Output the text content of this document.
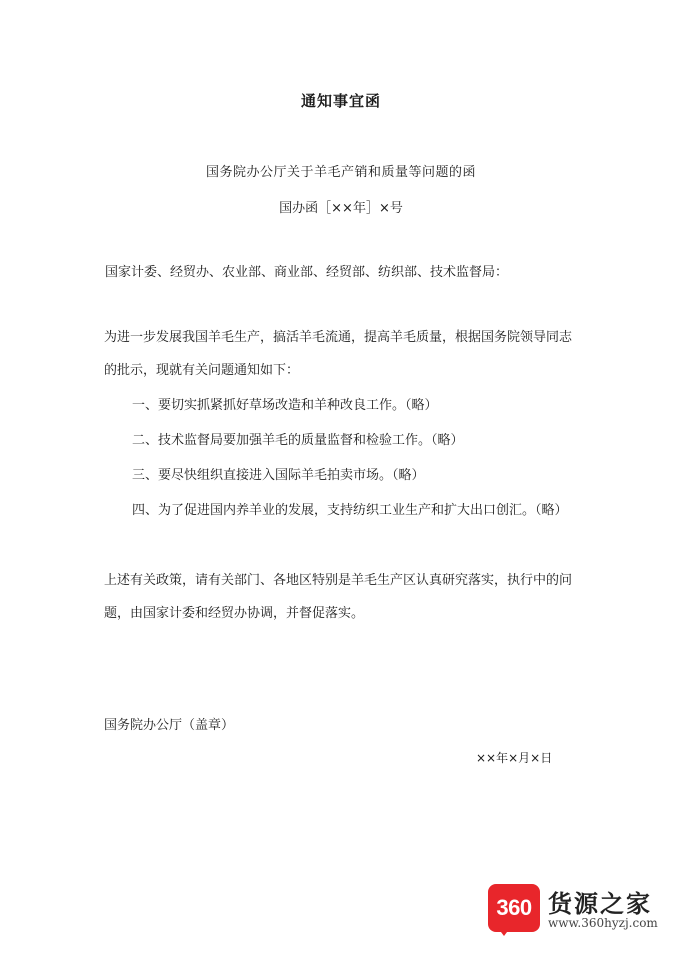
通知事宜函
国务院办公厅关于羊毛产销和质量等问题的函
国办函［××年］×号
国家计委、经贸办、农业部、商业部、经贸部、纺织部、技术监督局：
为进一步发展我国羊毛生产，搞活羊毛流通，提高羊毛质量，根据国务院领导同志的批示，现就有关问题通知如下：
一、要切实抓紧抓好草场改造和羊种改良工作。（略）
二、技术监督局要加强羊毛的质量监督和检验工作。（略）
三、要尽快组织直接进入国际羊毛拍卖市场。（略）
四、为了促进国内养羊业的发展，支持纺织工业生产和扩大出口创汇。（略）
上述有关政策，请有关部门、各地区特别是羊毛生产区认真研究落实，执行中的问题，由国家计委和经贸办协调，并督促落实。
国务院办公厅（盖章）
××年×月×日
360 货源之家
www.360hyzj.com
